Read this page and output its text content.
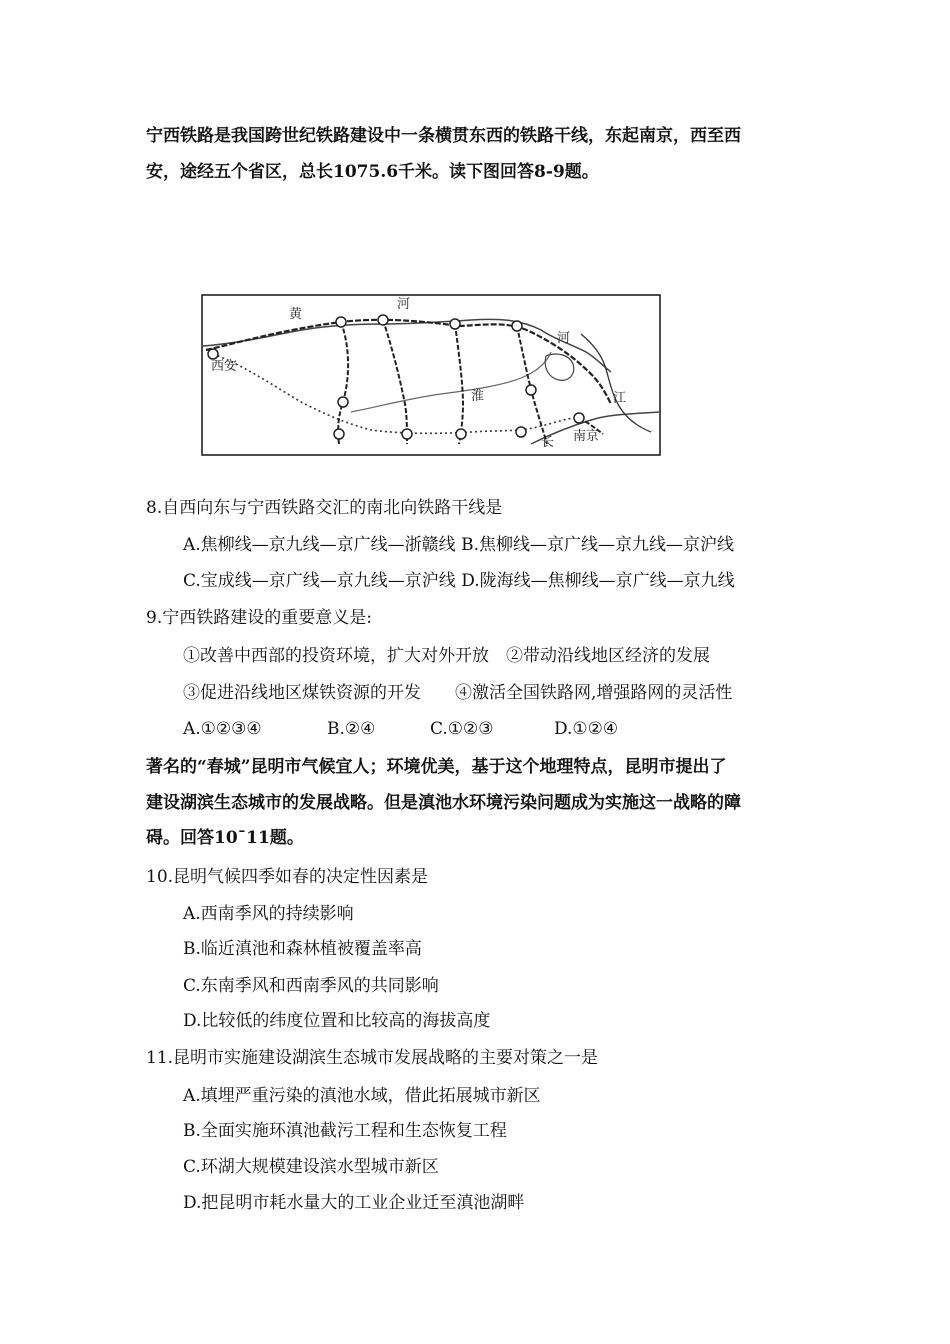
宁西铁路是我国跨世纪铁路建设中一条横贯东西的铁路干线，东起南京，西至西
安，途经五个省区，总长1075.6千米。读下图回答8-9题。
黄
河
河
西安
淮	江
长 南京
8.自西向东与宁西铁路交汇的南北向铁路干线是
A.焦柳线—京九线—京广线—浙赣线 B.焦柳线—京广线—京九线—京沪线
C.宝成线—京广线—京九线—京沪线 D.陇海线—焦柳线—京广线—京九线
9.宁西铁路建设的重要意义是:
①改善中西部的投资环境，扩大对外开放　②带动沿线地区经济的发展
③促进沿线地区煤铁资源的开发　　④激活全国铁路网,增强路网的灵活性
A.①②③④	B.②④	C.①②③	D.①②④
著名的“春城”昆明市气候宜人；环境优美，基于这个地理特点，昆明市提出了
建设湖滨生态城市的发展战略。但是滇池水环境污染问题成为实施这一战略的障
碍。回答10¯11题。
10.昆明气候四季如春的决定性因素是
A.西南季风的持续影响
B.临近滇池和森林植被覆盖率高
C.东南季风和西南季风的共同影响
D.比较低的纬度位置和比较高的海拔高度
11.昆明市实施建设湖滨生态城市发展战略的主要对策之一是
A.填埋严重污染的滇池水域，借此拓展城市新区
B.全面实施环滇池截污工程和生态恢复工程
C.环湖大规模建设滨水型城市新区
D.把昆明市耗水量大的工业企业迁至滇池湖畔
